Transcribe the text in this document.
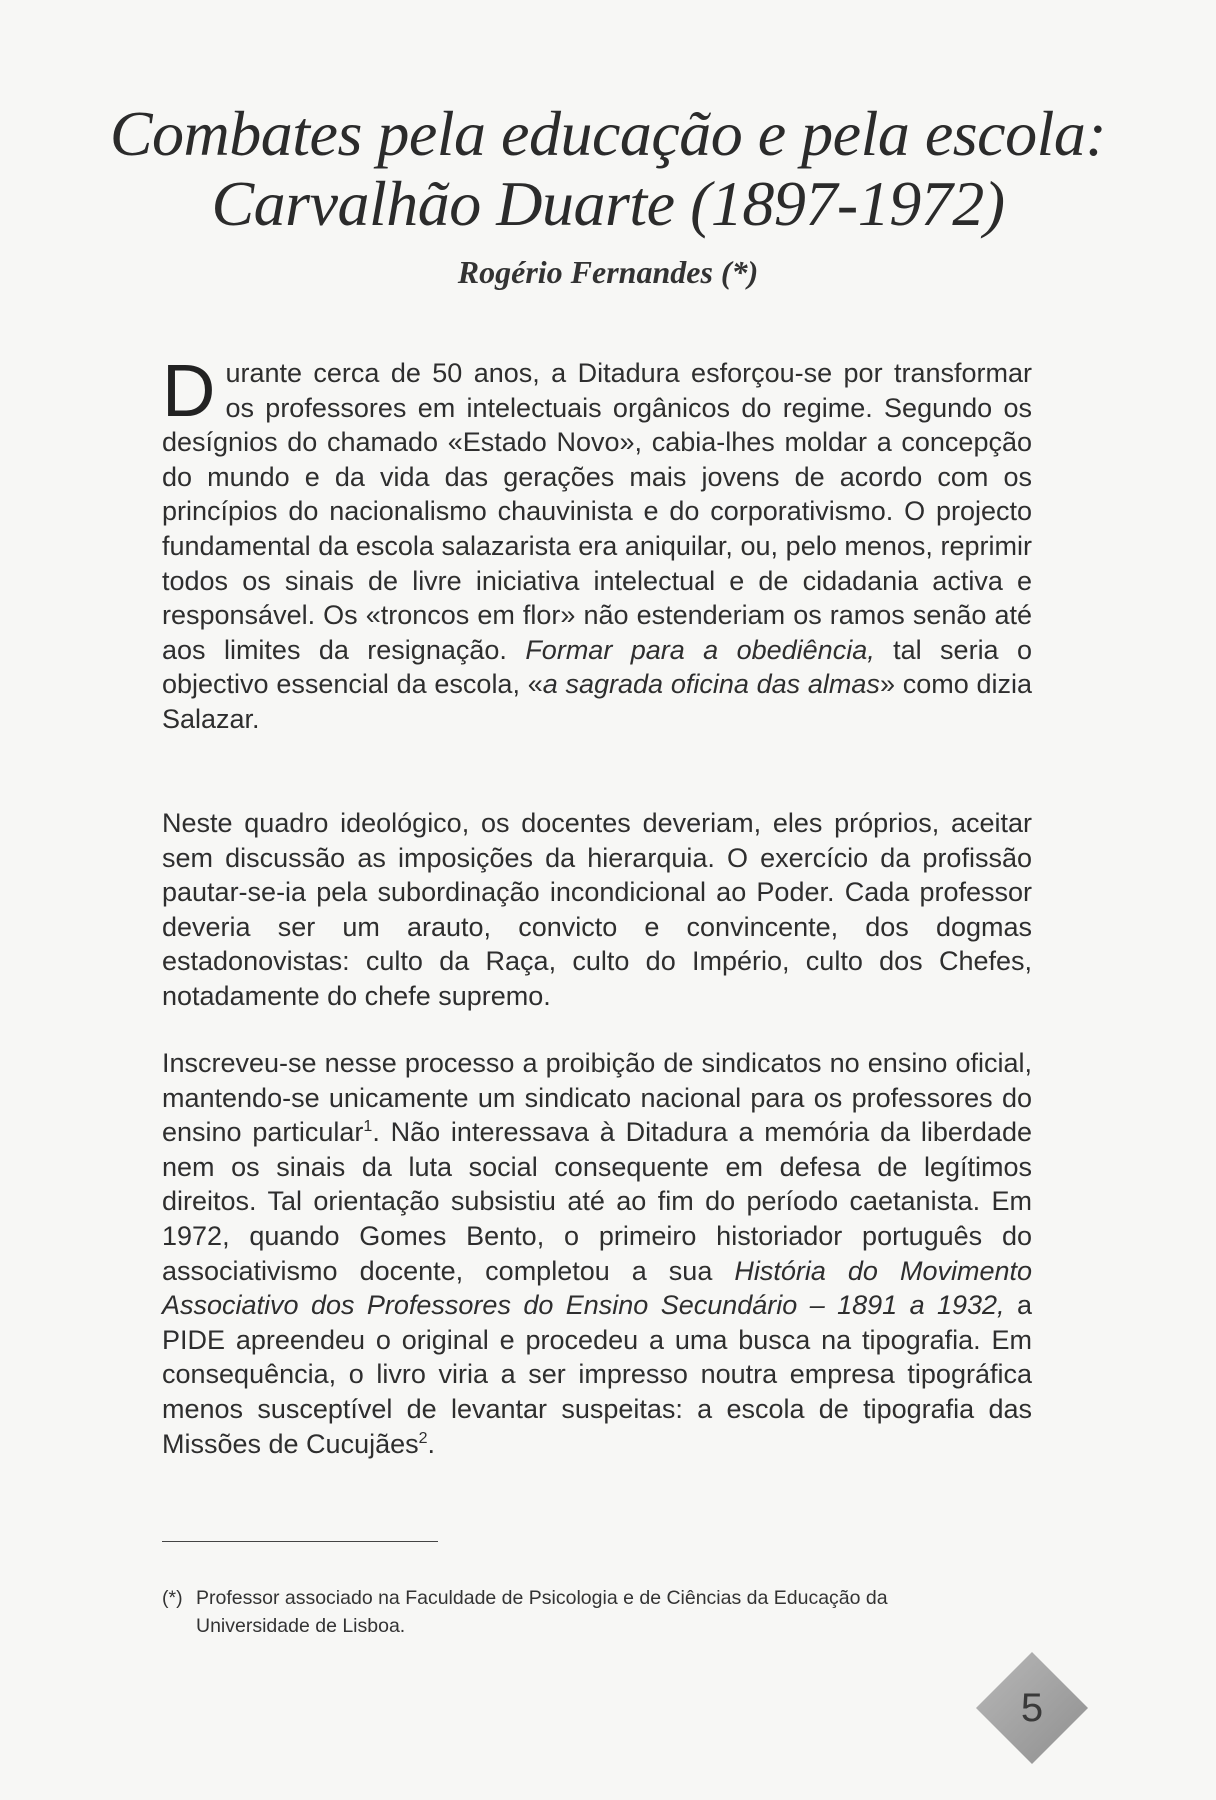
Combates pela educação e pela escola:
Carvalhão Duarte (1897-1972)
Rogério Fernandes (*)

Durante cerca de 50 anos, a Ditadura esforçou-se por transformar os professores em intelectuais orgânicos do regime. Segundo os desígnios do chamado «Estado Novo», cabia-lhes moldar a concepção do mundo e da vida das gerações mais jovens de acordo com os princípios do nacionalismo chauvinista e do corporativismo. O projecto fundamental da escola salazarista era aniquilar, ou, pelo menos, reprimir todos os sinais de livre iniciativa intelectual e de cidadania activa e responsável. Os «troncos em flor» não estenderiam os ramos senão até aos limites da resignação. Formar para a obediência, tal seria o objectivo essencial da escola, «a sagrada oficina das almas» como dizia Salazar.

Neste quadro ideológico, os docentes deveriam, eles próprios, aceitar sem discussão as imposições da hierarquia. O exercício da profissão pautar-se-ia pela subordinação incondicional ao Poder. Cada professor deveria ser um arauto, convicto e convincente, dos dogmas estadonovistas: culto da Raça, culto do Império, culto dos Chefes, notadamente do chefe supremo.

Inscreveu-se nesse processo a proibição de sindicatos no ensino oficial, mantendo-se unicamente um sindicato nacional para os professores do ensino particular$^1$. Não interessava à Ditadura a memória da liberdade nem os sinais da luta social consequente em defesa de legítimos direitos. Tal orientação subsistiu até ao fim do período caetanista. Em 1972, quando Gomes Bento, o primeiro historiador português do associativismo docente, completou a sua História do Movimento Associativo dos Professores do Ensino Secundário – 1891 a 1932, a PIDE apreendeu o original e procedeu a uma busca na tipografia. Em consequência, o livro viria a ser impresso noutra empresa tipográfica menos susceptível de levantar suspeitas: a escola de tipografia das Missões de Cucujães$^2$.

(*) Professor associado na Faculdade de Psicologia e de Ciências da Educação da
Universidade de Lisboa.
5
